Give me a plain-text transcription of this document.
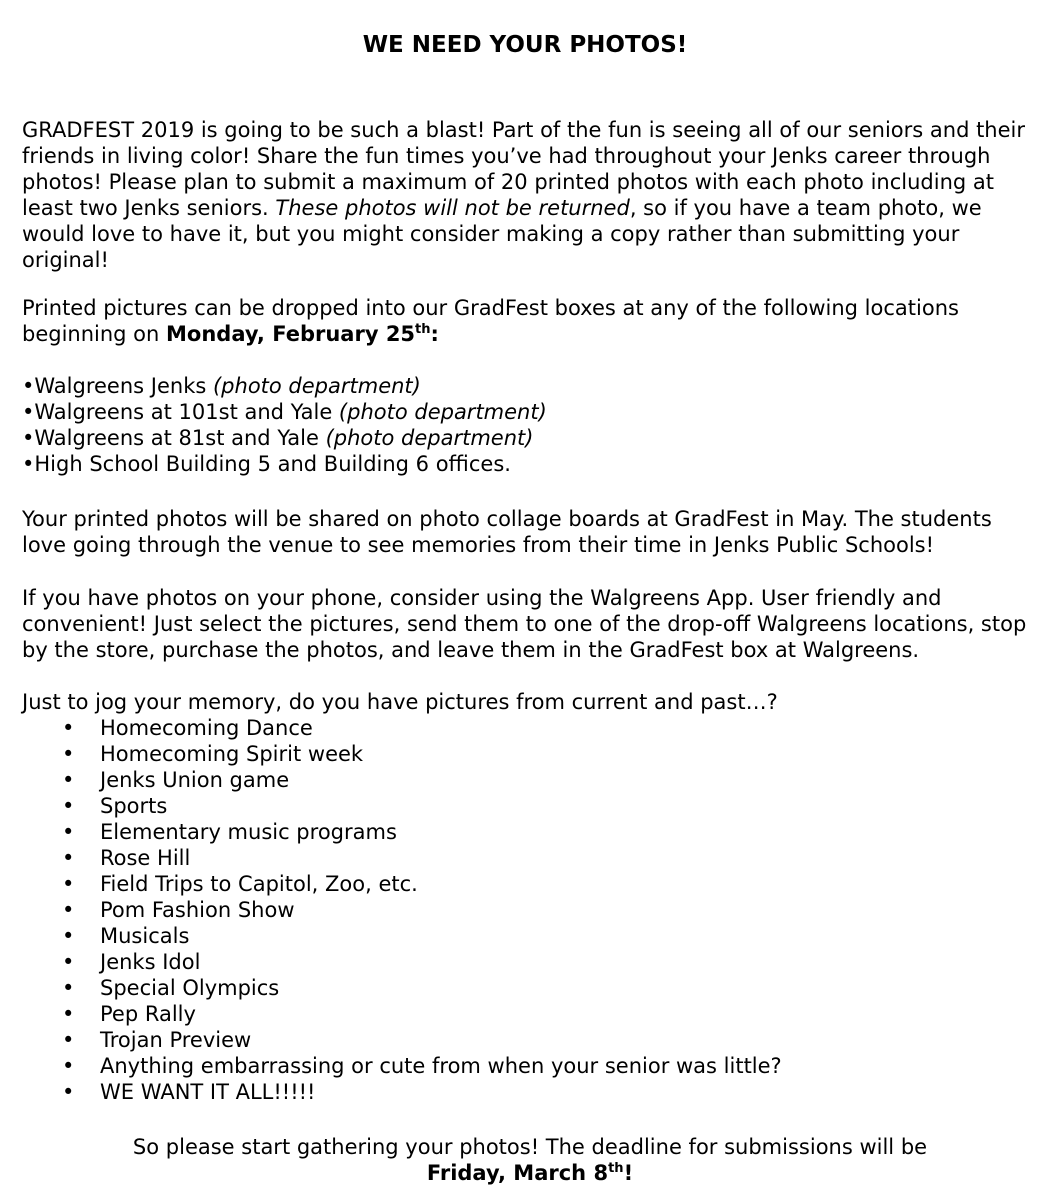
WE NEED YOUR PHOTOS!

GRADFEST 2019 is going to be such a blast! Part of the fun is seeing all of our seniors and their friends in living color! Share the fun times you’ve had throughout your Jenks career through photos! Please plan to submit a maximum of 20 printed photos with each photo including at least two Jenks seniors. These photos will not be returned, so if you have a team photo, we would love to have it, but you might consider making a copy rather than submitting your original!

Printed pictures can be dropped into our GradFest boxes at any of the following locations beginning on Monday, February 25th:

•Walgreens Jenks (photo department)
•Walgreens at 101st and Yale (photo department)
•Walgreens at 81st and Yale (photo department)
•High School Building 5 and Building 6 offices.

Your printed photos will be shared on photo collage boards at GradFest in May. The students love going through the venue to see memories from their time in Jenks Public Schools!

If you have photos on your phone, consider using the Walgreens App. User friendly and convenient! Just select the pictures, send them to one of the drop-off Walgreens locations, stop by the store, purchase the photos, and leave them in the GradFest box at Walgreens.

Just to jog your memory, do you have pictures from current and past…?

• Homecoming Dance
• Homecoming Spirit week
• Jenks Union game
• Sports
• Elementary music programs
• Rose Hill
• Field Trips to Capitol, Zoo, etc.
• Pom Fashion Show
• Musicals
• Jenks Idol
• Special Olympics
• Pep Rally
• Trojan Preview
• Anything embarrassing or cute from when your senior was little?
• WE WANT IT ALL!!!!!
So please start gathering your photos! The deadline for submissions will be
Friday, March 8th!
